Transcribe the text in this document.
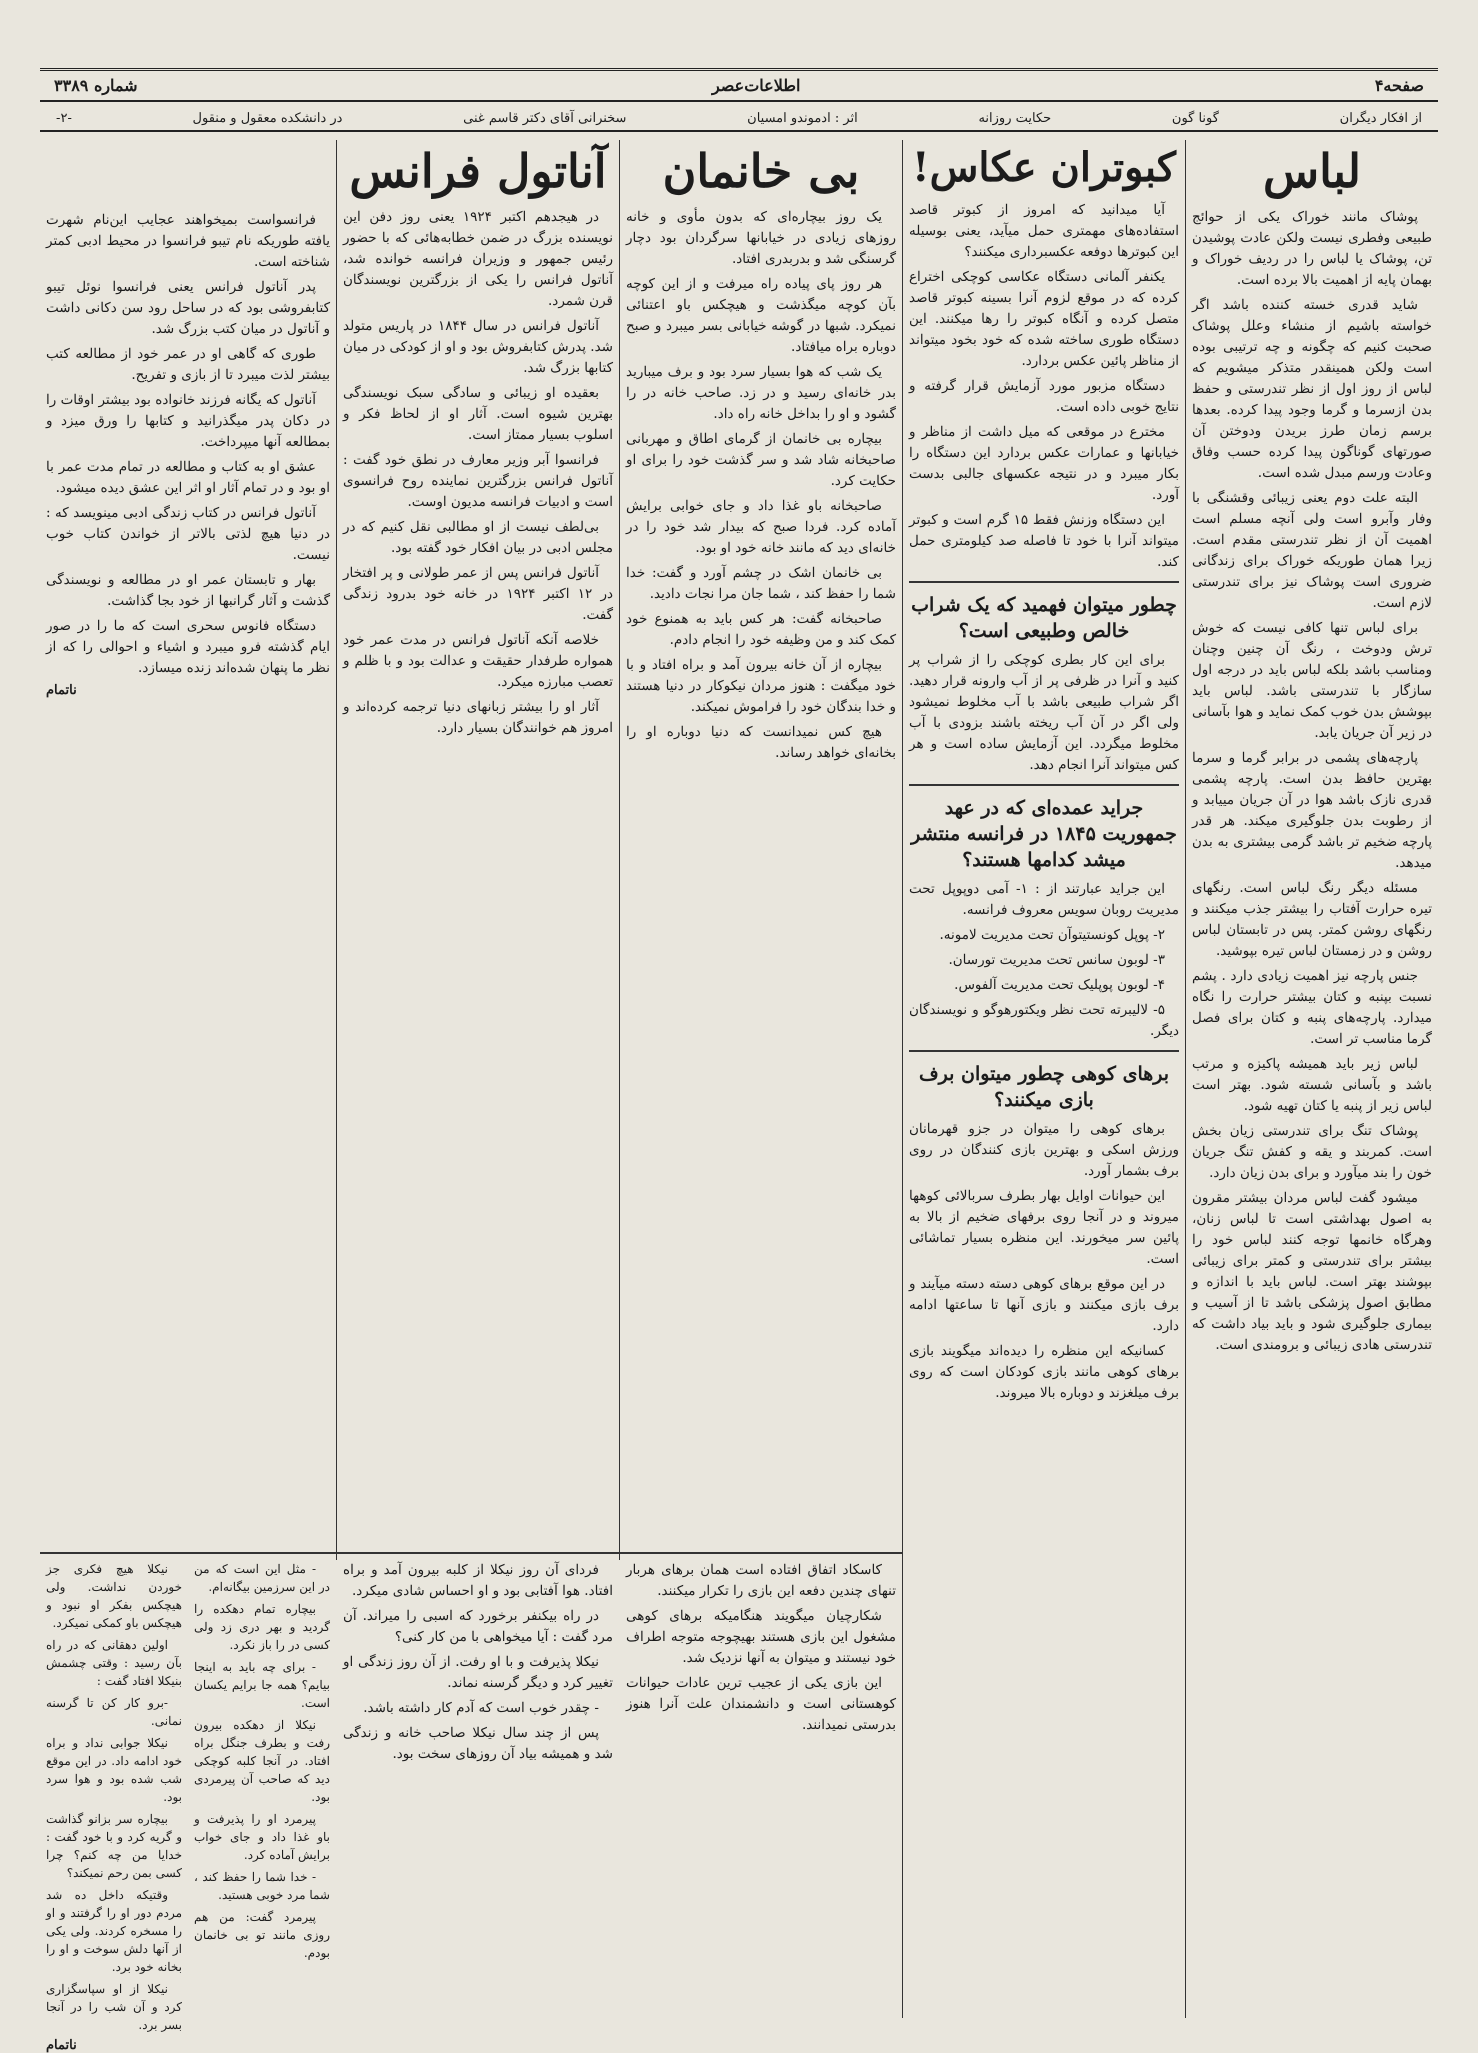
صفحه۴
اطلاعات‌عصر
شماره ۳۳۸۹
از افکار دیگران
گونا گون
حکایت روزانه
اثر : ادموندو امسیان
سخنرانی آقای دکتر قاسم غنی
در دانشکده معقول و منقول
-۲-
لباس

پوشاک مانند خوراک یکی از حوائج طبیعی وفطری نیست ولکن عادت پوشیدن تن، پوشاک یا لباس را در ردیف خوراک و بهمان پایه از اهمیت بالا برده است.

شاید قدری خسته کننده باشد اگر خواسته باشیم از منشاء وعلل پوشاک صحبت کنیم که چگونه و چه ترتیبی بوده است ولکن همینقدر متذکر میشویم که لباس از روز اول از نظر تندرستی و حفظ بدن ازسرما و گرما وجود پیدا کرده. بعدها برسم زمان طرز بریدن ودوختن آن صورتهای گوناگون پیدا کرده حسب وفاق وعادت ورسم مبدل شده است.

البته علت دوم یعنی زیبائی وقشنگی با وفار وآبرو است ولی آنچه مسلم است اهمیت آن از نظر تندرستی مقدم است. زیرا همان طوریکه خوراک برای زندگانی ضروری است پوشاک نیز برای تندرستی لازم است.

برای لباس تنها کافی نیست که خوش ترش ودوخت ، رنگ آن چنین وچنان ومناسب باشد بلکه لباس باید در درجه اول سازگار با تندرستی باشد. لباس باید بپوشش بدن خوب کمک نماید و هوا بآسانی در زیر آن جریان یابد.

پارچه‌های پشمی در برابر گرما و سرما بهترین حافظ بدن است. پارچه پشمی قدری نازک باشد هوا در آن جریان مییابد و از رطوبت بدن جلوگیری میکند. هر قدر پارچه ضخیم تر باشد گرمی بیشتری به بدن میدهد.

مسئله دیگر رنگ لباس است. رنگهای تیره حرارت آفتاب را بیشتر جذب میکنند و رنگهای روشن کمتر. پس در تابستان لباس روشن و در زمستان لباس تیره بپوشید.

جنس پارچه نیز اهمیت زیادی دارد . پشم نسبت بپنبه و کتان بیشتر حرارت را نگاه میدارد. پارچه‌های پنبه و کتان برای فصل گرما مناسب تر است.

لباس زیر باید همیشه پاکیزه و مرتب باشد و بآسانی شسته شود. بهتر است لباس زیر از پنبه یا کتان تهیه شود.

پوشاک تنگ برای تندرستی زیان بخش است. کمربند و یقه و کفش تنگ جریان خون را بند میآورد و برای بدن زیان دارد.

میشود گفت لباس مردان بیشتر مقرون به اصول بهداشتی است تا لباس زنان، وهرگاه خانمها توجه کنند لباس خود را بیشتر برای تندرستی و کمتر برای زیبائی بپوشند بهتر است. لباس باید با اندازه و مطابق اصول پزشکی باشد تا از آسیب و بیماری جلوگیری شود و باید بیاد داشت که تندرستی هادی زیبائی و برومندی است.

کبوتران عکاس!

آیا میدانید که امروز از کبوتر قاصد استفاده‌های مهمتری حمل میآید، یعنی بوسیله این کبوترها دوفعه عکسبرداری میکنند؟

یکنفر آلمانی دستگاه عکاسی کوچکی اختراع کرده که در موقع لزوم آنرا بسینه کبوتر قاصد متصل کرده و آنگاه کبوتر را رها میکنند. این دستگاه طوری ساخته شده که خود بخود میتواند از مناظر پائین عکس بردارد.

دستگاه مزبور مورد آزمایش قرار گرفته و نتایج خوبی داده است.

مخترع در موقعی که میل داشت از مناظر و خیابانها و عمارات عکس بردارد این دستگاه را بکار میبرد و در نتیجه عکسهای جالبی بدست آورد.

این دستگاه وزنش فقط ۱۵ گرم است و کبوتر میتواند آنرا با خود تا فاصله صد کیلومتری حمل کند.

چطور میتوان فهمید که یک شراب خالص وطبیعی است؟

برای این کار بطری کوچکی را از شراب پر کنید و آنرا در ظرفی پر از آب وارونه قرار دهید. اگر شراب طبیعی باشد با آب مخلوط نمیشود ولی اگر در آن آب ریخته باشند بزودی با آب مخلوط میگردد. این آزمایش ساده است و هر کس میتواند آنرا انجام دهد.

جراید عمده‌ای که در عهد جمهوریت ۱۸۴۵ در فرانسه منتشر میشد کدامها هستند؟

این جراید عبارتند از : ۱- آمی دوپوپل تحت مدیریت روبان سویس معروف فرانسه.

۲- پوپل کونستیتوآن تحت مدیریت لامونه.

۳- لوبون سانس تحت مدیریت تورسان.

۴- لوبون پوپلیک تحت مدیریت آلفوس.

۵- لالیبرته تحت نظر ویکتورهوگو و نویسندگان دیگر.

برهای کوهی چطور میتوان برف بازی میکنند؟

برهای کوهی را میتوان در جزو قهرمانان ورزش اسکی و بهترین بازی کنندگان در روی برف بشمار آورد.

این حیوانات اوایل بهار بطرف سربالائی کوهها میروند و در آنجا روی برفهای ضخیم از بالا به پائین سر میخورند. این منظره بسیار تماشائی است.

در این موقع برهای کوهی دسته دسته میآیند و برف بازی میکنند و بازی آنها تا ساعتها ادامه دارد.

کسانیکه این منظره را دیده‌اند میگویند بازی برهای کوهی مانند بازی کودکان است که روی برف میلغزند و دوباره بالا میروند.

بی خانمان

یک روز بیچاره‌ای که بدون مأوی و خانه روزهای زیادی در خیابانها سرگردان بود دچار گرسنگی شد و بدربدری افتاد.

هر روز پای پیاده راه میرفت و از این کوچه بآن کوچه میگذشت و هیچکس باو اعتنائی نمیکرد. شبها در گوشه خیابانی بسر میبرد و صبح دوباره براه میافتاد.

یک شب که هوا بسیار سرد بود و برف میبارید بدر خانه‌ای رسید و در زد. صاحب خانه در را گشود و او را بداخل خانه راه داد.

بیچاره بی خانمان از گرمای اطاق و مهربانی صاحبخانه شاد شد و سر گذشت خود را برای او حکایت کرد.

صاحبخانه باو غذا داد و جای خوابی برایش آماده کرد. فردا صبح که بیدار شد خود را در خانه‌ای دید که مانند خانه خود او بود.

بی خانمان اشک در چشم آورد و گفت: خدا شما را حفظ کند ، شما جان مرا نجات دادید.

صاحبخانه گفت: هر کس باید به همنوع خود کمک کند و من وظیفه خود را انجام دادم.

بیچاره از آن خانه بیرون آمد و براه افتاد و با خود میگفت : هنوز مردان نیکوکار در دنیا هستند و خدا بندگان خود را فراموش نمیکند.

هیچ کس نمیدانست که دنیا دوباره او را بخانه‌ای خواهد رساند.

آناتول فرانس

در هیجدهم اکتبر ۱۹۲۴ یعنی روز دفن این نویسنده بزرگ در ضمن خطابه‌هائی که با حضور رئیس جمهور و وزیران فرانسه خوانده شد، آناتول فرانس را یکی از بزرگترین نویسندگان قرن شمرد.

آناتول فرانس در سال ۱۸۴۴ در پاریس متولد شد. پدرش کتابفروش بود و او از کودکی در میان کتابها بزرگ شد.

بعقیده او زیبائی و سادگی سبک نویسندگی بهترین شیوه است. آثار او از لحاظ فکر و اسلوب بسیار ممتاز است.

فرانسوا آبر وزیر معارف در نطق خود گفت : آناتول فرانس بزرگترین نماینده روح فرانسوی است و ادبیات فرانسه مدیون اوست.

بی‌لطف نیست از او مطالبی نقل کنیم که در مجلس ادبی در بیان افکار خود گفته بود.

آناتول فرانس پس از عمر طولانی و پر افتخار در ۱۲ اکتبر ۱۹۲۴ در خانه خود بدرود زندگی گفت.

خلاصه آنکه آناتول فرانس در مدت عمر خود همواره طرفدار حقیقت و عدالت بود و با ظلم و تعصب مبارزه میکرد.

آثار او را بیشتر زبانهای دنیا ترجمه کرده‌اند و امروز هم خوانندگان بسیار دارد.

فرانسواست بمیخواهند عجایب این‌نام شهرت یافته طوریکه نام تیبو فرانسوا در محیط ادبی کمتر شناخته است.

پدر آناتول فرانس یعنی فرانسوا نوئل تیبو کتابفروشی بود که در ساحل رود سن دکانی داشت و آناتول در میان کتب بزرگ شد.

طوری که گاهی او در عمر خود از مطالعه کتب بیشتر لذت میبرد تا از بازی و تفریح.

آناتول که یگانه فرزند خانواده بود بیشتر اوقات را در دکان پدر میگذرانید و کتابها را ورق میزد و بمطالعه آنها میپرداخت.

عشق او به کتاب و مطالعه در تمام مدت عمر با او بود و در تمام آثار او اثر این عشق دیده میشود.

آناتول فرانس در کتاب زندگی ادبی مینویسد که : در دنیا هیچ لذتی بالاتر از خواندن کتاب خوب نیست.

بهار و تابستان عمر او در مطالعه و نویسندگی گذشت و آثار گرانبها از خود بجا گذاشت.

دستگاه فانوس سحری است که ما را در صور ایام گذشته فرو میبرد و اشیاء و احوالی را که از نظر ما پنهان شده‌اند زنده میسازد.

ناتمام

کاسکاد اتفاق افتاده است همان برهای هربار تنهای چندین دفعه این بازی را تکرار میکنند.

شکارچیان میگویند هنگامیکه برهای کوهی مشغول این بازی هستند بهیچوجه متوجه اطراف خود نیستند و میتوان به آنها نزدیک شد.

این بازی یکی از عجیب ترین عادات حیوانات کوهستانی است و دانشمندان علت آنرا هنوز بدرستی نمیدانند.

فردای آن روز نیکلا از کلبه بیرون آمد و براه افتاد. هوا آفتابی بود و او احساس شادی میکرد.

در راه بیکنفر برخورد که اسبی را میراند. آن مرد گفت : آیا میخواهی با من کار کنی؟

نیکلا پذیرفت و با او رفت. از آن روز زندگی او تغییر کرد و دیگر گرسنه نماند.

- چقدر خوب است که آدم کار داشته باشد.

پس از چند سال نیکلا صاحب خانه و زندگی شد و همیشه بیاد آن روزهای سخت بود.

- مثل این است که من در این سرزمین بیگانه‌ام.

بیچاره تمام دهکده را گردید و بهر دری زد ولی کسی در را باز نکرد.

- برای چه باید به اینجا بیایم؟ همه جا برایم یکسان است.

نیکلا از دهکده بیرون رفت و بطرف جنگل براه افتاد. در آنجا کلبه کوچکی دید که صاحب آن پیرمردی بود.

پیرمرد او را پذیرفت و باو غذا داد و جای خواب برایش آماده کرد.

- خدا شما را حفظ کند ، شما مرد خوبی هستید.

پیرمرد گفت: من هم روزی مانند تو بی خانمان بودم.

نیکلا هیچ فکری جز خوردن نداشت. ولی هیچکس بفکر او نبود و هیچکس باو کمکی نمیکرد.

اولین دهقانی که در راه بآن رسید : وقتی چشمش بنیکلا افتاد گفت :

-برو کار کن تا گرسنه نمانی.

نیکلا جوابی نداد و براه خود ادامه داد. در این موقع شب شده بود و هوا سرد بود.

بیچاره سر بزانو گذاشت و گریه کرد و با خود گفت : خدایا من چه کنم؟ چرا کسی بمن رحم نمیکند؟

وقتیکه داخل ده شد مردم دور او را گرفتند و او را مسخره کردند. ولی یکی از آنها دلش سوخت و او را بخانه خود برد.

نیکلا از او سپاسگزاری کرد و آن شب را در آنجا بسر برد.

ناتمام
